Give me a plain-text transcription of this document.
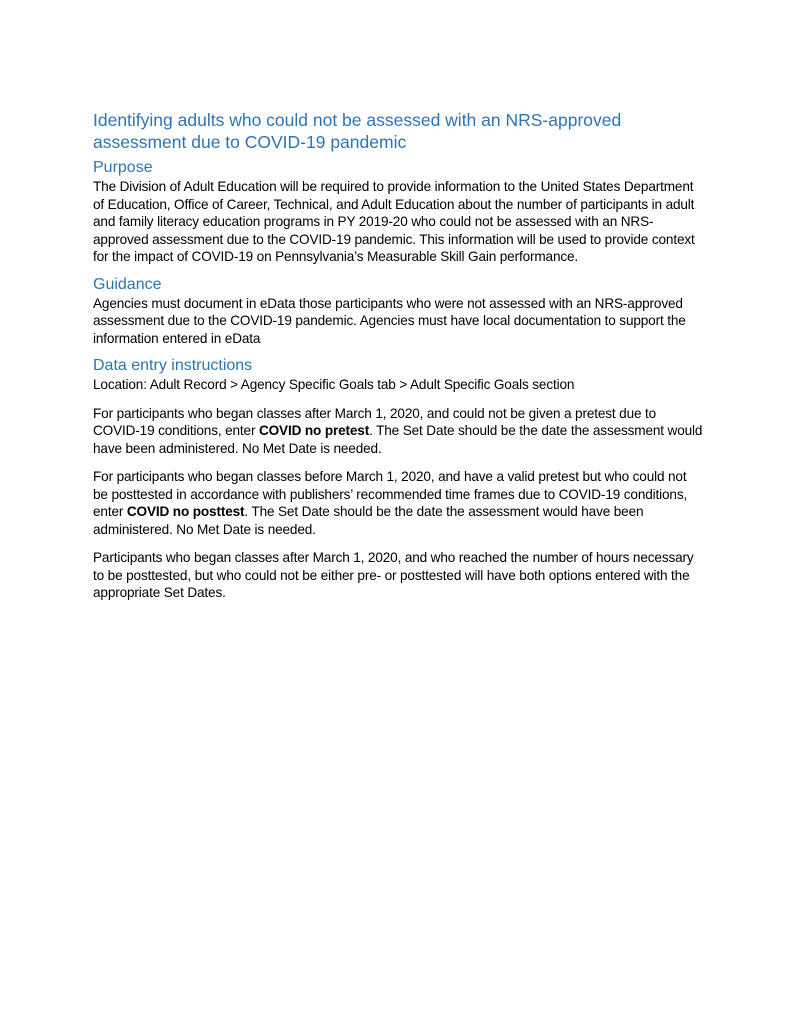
Identifying adults who could not be assessed with an NRS-approved assessment due to COVID-19 pandemic
Purpose

The Division of Adult Education will be required to provide information to the United States Department of Education, Office of Career, Technical, and Adult Education about the number of participants in adult and family literacy education programs in PY 2019-20 who could not be assessed with an NRS-approved assessment due to the COVID-19 pandemic. This information will be used to provide context for the impact of COVID-19 on Pennsylvania’s Measurable Skill Gain performance.

Guidance

Agencies must document in eData those participants who were not assessed with an NRS-approved assessment due to the COVID-19 pandemic. Agencies must have local documentation to support the information entered in eData

Data entry instructions

Location: Adult Record > Agency Specific Goals tab > Adult Specific Goals section

For participants who began classes after March 1, 2020, and could not be given a pretest due to COVID-19 conditions, enter COVID no pretest. The Set Date should be the date the assessment would have been administered. No Met Date is needed.

For participants who began classes before March 1, 2020, and have a valid pretest but who could not be posttested in accordance with publishers’ recommended time frames due to COVID-19 conditions, enter COVID no posttest. The Set Date should be the date the assessment would have been administered. No Met Date is needed.

Participants who began classes after March 1, 2020, and who reached the number of hours necessary to be posttested, but who could not be either pre- or posttested will have both options entered with the appropriate Set Dates.
